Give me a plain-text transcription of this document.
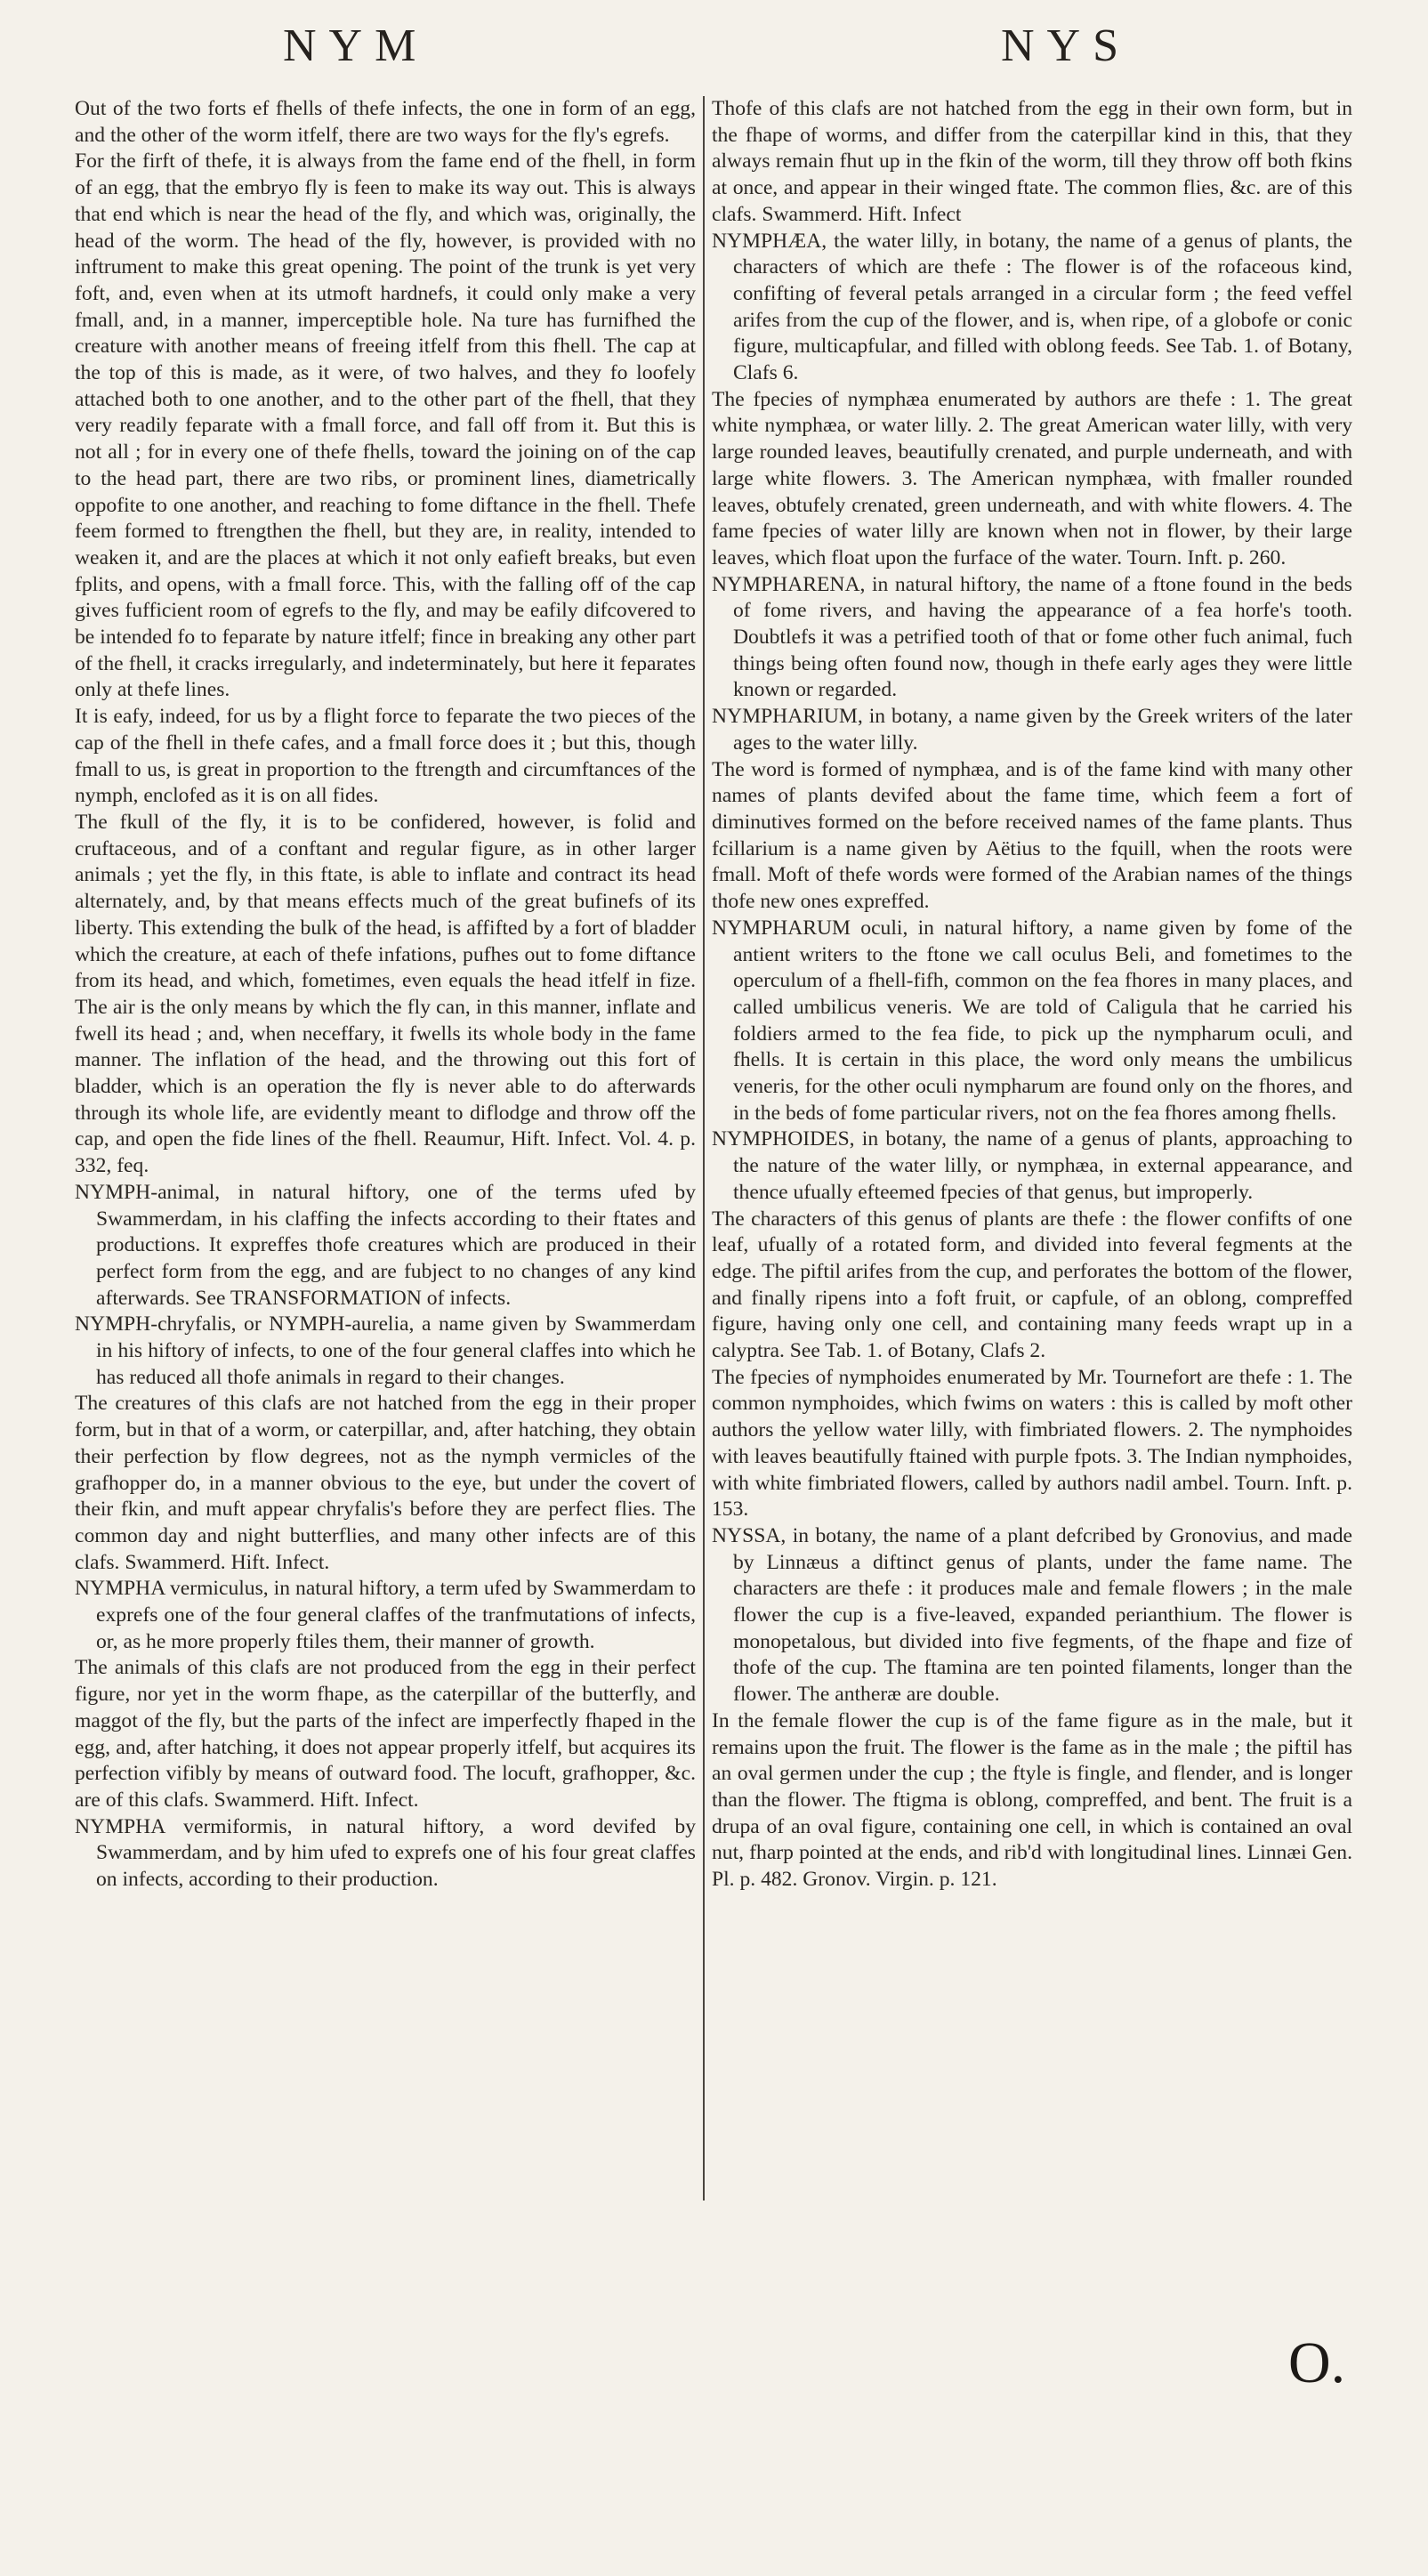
NYM	NYS

Out of the two forts ef fhells of thefe infects, the one in form of an egg, and the other of the worm itfelf, there are two ways for the fly's egrefs.

For the firft of thefe, it is always from the fame end of the fhell, in form of an egg, that the embryo fly is feen to make its way out. This is always that end which is near the head of the fly, and which was, originally, the head of the worm. The head of the fly, however, is provided with no inftrument to make this great opening. The point of the trunk is yet very foft, and, even when at its utmoft hardnefs, it could only make a very fmall, and, in a manner, imperceptible hole. Na ture has furnifhed the creature with another means of freeing itfelf from this fhell. The cap at the top of this is made, as it were, of two halves, and they fo loofely attached both to one another, and to the other part of the fhell, that they very readily feparate with a fmall force, and fall off from it. But this is not all ; for in every one of thefe fhells, toward the joining on of the cap to the head part, there are two ribs, or prominent lines, diametrically oppofite to one another, and reaching to fome diftance in the fhell. Thefe feem formed to ftrengthen the fhell, but they are, in reality, intended to weaken it, and are the places at which it not only eafieft breaks, but even fplits, and opens, with a fmall force. This, with the falling off of the cap gives fufficient room of egrefs to the fly, and may be eafily difcovered to be intended fo to feparate by nature itfelf; fince in breaking any other part of the fhell, it cracks irregularly, and indeterminately, but here it feparates only at thefe lines.

It is eafy, indeed, for us by a flight force to feparate the two pieces of the cap of the fhell in thefe cafes, and a fmall force does it ; but this, though fmall to us, is great in proportion to the ftrength and circumftances of the nymph, enclofed as it is on all fides.

The fkull of the fly, it is to be confidered, however, is folid and cruftaceous, and of a conftant and regular figure, as in other larger animals ; yet the fly, in this ftate, is able to inflate and contract its head alternately, and, by that means effects much of the great bufinefs of its liberty. This extending the bulk of the head, is affifted by a fort of bladder which the creature, at each of thefe infations, pufhes out to fome diftance from its head, and which, fometimes, even equals the head itfelf in fize. The air is the only means by which the fly can, in this manner, inflate and fwell its head ; and, when neceffary, it fwells its whole body in the fame manner. The inflation of the head, and the throwing out this fort of bladder, which is an operation the fly is never able to do afterwards through its whole life, are evidently meant to diflodge and throw off the cap, and open the fide lines of the fhell. Reaumur, Hift. Infect. Vol. 4. p. 332, feq.

NYMPH-animal, in natural hiftory, one of the terms ufed by Swammerdam, in his claffing the infects according to their ftates and productions. It expreffes thofe creatures which are produced in their perfect form from the egg, and are fubject to no changes of any kind afterwards. See TRANSFORMATION of infects.

NYMPH-chryfalis, or NYMPH-aurelia, a name given by Swammerdam in his hiftory of infects, to one of the four general claffes into which he has reduced all thofe animals in regard to their changes.

The creatures of this clafs are not hatched from the egg in their proper form, but in that of a worm, or caterpillar, and, after hatching, they obtain their perfection by flow degrees, not as the nymph vermicles of the grafhopper do, in a manner obvious to the eye, but under the covert of their fkin, and muft appear chryfalis's before they are perfect flies. The common day and night butterflies, and many other infects are of this clafs. Swammerd. Hift. Infect.

NYMPHA vermiculus, in natural hiftory, a term ufed by Swammerdam to exprefs one of the four general claffes of the tranfmutations of infects, or, as he more properly ftiles them, their manner of growth.

The animals of this clafs are not produced from the egg in their perfect figure, nor yet in the worm fhape, as the caterpillar of the butterfly, and maggot of the fly, but the parts of the infect are imperfectly fhaped in the egg, and, after hatching, it does not appear properly itfelf, but acquires its perfection vifibly by means of outward food. The locuft, grafhopper, &c. are of this clafs. Swammerd. Hift. Infect.

NYMPHA vermiformis, in natural hiftory, a word devifed by Swammerdam, and by him ufed to exprefs one of his four great claffes on infects, according to their production.

Thofe of this clafs are not hatched from the egg in their own form, but in the fhape of worms, and differ from the caterpillar kind in this, that they always remain fhut up in the fkin of the worm, till they throw off both fkins at once, and appear in their winged ftate. The common flies, &c. are of this clafs. Swammerd. Hift. Infect

NYMPHÆA, the water lilly, in botany, the name of a genus of plants, the characters of which are thefe : The flower is of the rofaceous kind, confifting of feveral petals arranged in a circular form ; the feed veffel arifes from the cup of the flower, and is, when ripe, of a globofe or conic figure, multicapfular, and filled with oblong feeds. See Tab. 1. of Botany, Clafs 6.

The fpecies of nymphæa enumerated by authors are thefe : 1. The great white nymphæa, or water lilly. 2. The great American water lilly, with very large rounded leaves, beautifully crenated, and purple underneath, and with large white flowers. 3. The American nymphæa, with fmaller rounded leaves, obtufely crenated, green underneath, and with white flowers. 4. The fame fpecies of water lilly are known when not in flower, by their large leaves, which float upon the furface of the water. Tourn. Inft. p. 260.

NYMPHARENA, in natural hiftory, the name of a ftone found in the beds of fome rivers, and having the appearance of a fea horfe's tooth. Doubtlefs it was a petrified tooth of that or fome other fuch animal, fuch things being often found now, though in thefe early ages they were little known or regarded.

NYMPHARIUM, in botany, a name given by the Greek writers of the later ages to the water lilly.

The word is formed of nymphæa, and is of the fame kind with many other names of plants devifed about the fame time, which feem a fort of diminutives formed on the before received names of the fame plants. Thus fcillarium is a name given by Aëtius to the fquill, when the roots were fmall. Moft of thefe words were formed of the Arabian names of the things thofe new ones expreffed.

NYMPHARUM oculi, in natural hiftory, a name given by fome of the antient writers to the ftone we call oculus Beli, and fometimes to the operculum of a fhell-fifh, common on the fea fhores in many places, and called umbilicus veneris. We are told of Caligula that he carried his foldiers armed to the fea fide, to pick up the nympharum oculi, and fhells. It is certain in this place, the word only means the umbilicus veneris, for the other oculi nympharum are found only on the fhores, and in the beds of fome particular rivers, not on the fea fhores among fhells.

NYMPHOIDES, in botany, the name of a genus of plants, approaching to the nature of the water lilly, or nymphæa, in external appearance, and thence ufually efteemed fpecies of that genus, but improperly.

The characters of this genus of plants are thefe : the flower confifts of one leaf, ufually of a rotated form, and divided into feveral fegments at the edge. The piftil arifes from the cup, and perforates the bottom of the flower, and finally ripens into a foft fruit, or capfule, of an oblong, compreffed figure, having only one cell, and containing many feeds wrapt up in a calyptra. See Tab. 1. of Botany, Clafs 2.

The fpecies of nymphoides enumerated by Mr. Tournefort are thefe : 1. The common nymphoides, which fwims on waters : this is called by moft other authors the yellow water lilly, with fimbriated flowers. 2. The nymphoides with leaves beautifully ftained with purple fpots. 3. The Indian nymphoides, with white fimbriated flowers, called by authors nadil ambel. Tourn. Inft. p. 153.

NYSSA, in botany, the name of a plant defcribed by Gronovius, and made by Linnæus a diftinct genus of plants, under the fame name. The characters are thefe : it produces male and female flowers ; in the male flower the cup is a five-leaved, expanded perianthium. The flower is monopetalous, but divided into five fegments, of the fhape and fize of thofe of the cup. The ftamina are ten pointed filaments, longer than the flower. The antheræ are double.

In the female flower the cup is of the fame figure as in the male, but it remains upon the fruit. The flower is the fame as in the male ; the piftil has an oval germen under the cup ; the ftyle is fingle, and flender, and is longer than the flower. The ftigma is oblong, compreffed, and bent. The fruit is a drupa of an oval figure, containing one cell, in which is contained an oval nut, fharp pointed at the ends, and rib'd with longitudinal lines. Linnæi Gen. Pl. p. 482. Gronov. Virgin. p. 121.

O.
